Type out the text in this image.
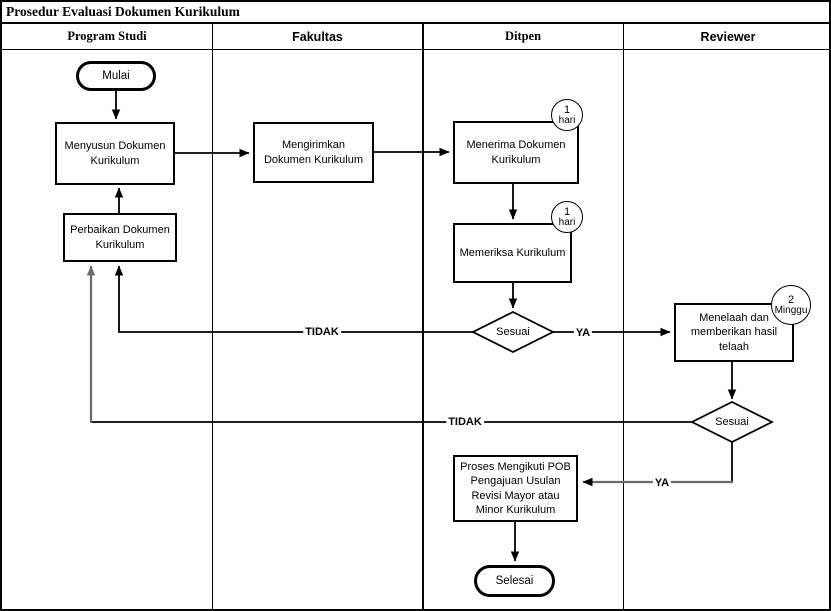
Prosedur Evaluasi Dokumen Kurikulum
Program Studi	Fakultas	Ditpen	Reviewer
Mulai
Menyusun Dokumen Kurikulum
Perbaikan Dokumen Kurikulum
Mengirimkan Dokumen Kurikulum
Menerima Dokumen Kurikulum
Memeriksa Kurikulum
Menelaah dan memberikan hasil telaah
Proses Mengikuti POB Pengajuan Usulan Revisi Mayor atau Minor Kurikulum
Selesai
Sesuai
Sesuai
TIDAK	YA
TIDAK
YA
1
hari
1
hari
2
Minggu
